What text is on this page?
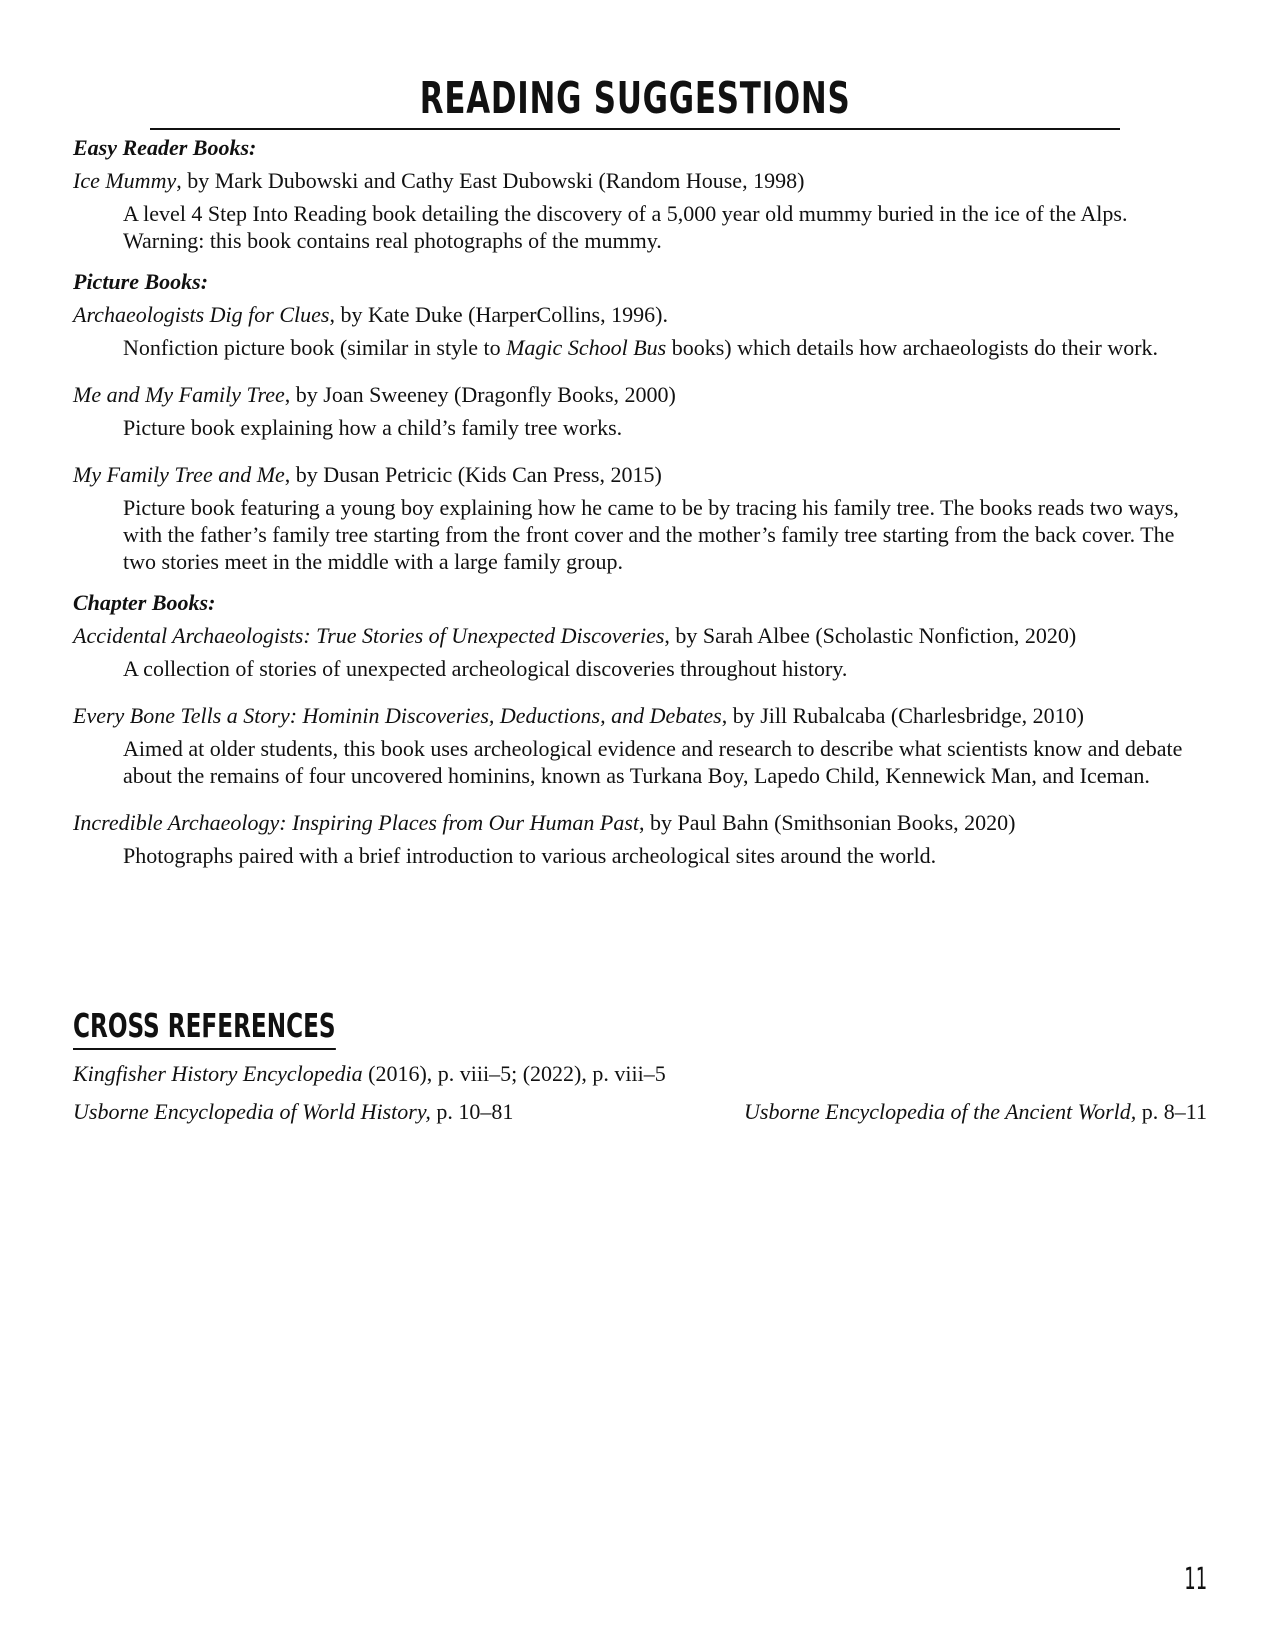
READING SUGGESTIONS
Easy Reader Books:
Ice Mummy, by Mark Dubowski and Cathy East Dubowski (Random House, 1998)
A level 4 Step Into Reading book detailing the discovery of a 5,000 year old mummy buried in the ice of the Alps. Warning: this book contains real photographs of the mummy.
Picture Books:
Archaeologists Dig for Clues, by Kate Duke (HarperCollins, 1996).
Nonfiction picture book (similar in style to Magic School Bus books) which details how archaeologists do their work.
Me and My Family Tree, by Joan Sweeney (Dragonfly Books, 2000)
Picture book explaining how a child’s family tree works.
My Family Tree and Me, by Dusan Petricic (Kids Can Press, 2015)
Picture book featuring a young boy explaining how he came to be by tracing his family tree. The books reads two ways, with the father’s family tree starting from the front cover and the mother’s family tree starting from the back cover. The two stories meet in the middle with a large family group.
Chapter Books:
Accidental Archaeologists: True Stories of Unexpected Discoveries, by Sarah Albee (Scholastic Nonfiction, 2020)
A collection of stories of unexpected archeological discoveries throughout history.
Every Bone Tells a Story: Hominin Discoveries, Deductions, and Debates, by Jill Rubalcaba (Charlesbridge, 2010)
Aimed at older students, this book uses archeological evidence and research to describe what scientists know and debate about the remains of four uncovered hominins, known as Turkana Boy, Lapedo Child, Kennewick Man, and Iceman.
Incredible Archaeology: Inspiring Places from Our Human Past, by Paul Bahn (Smithsonian Books, 2020)
Photographs paired with a brief introduction to various archeological sites around the world.
CROSS REFERENCES
Kingfisher History Encyclopedia (2016), p. viii–5; (2022), p. viii–5
Usborne Encyclopedia of World History, p. 10–81	Usborne Encyclopedia of the Ancient World, p. 8–11
11
